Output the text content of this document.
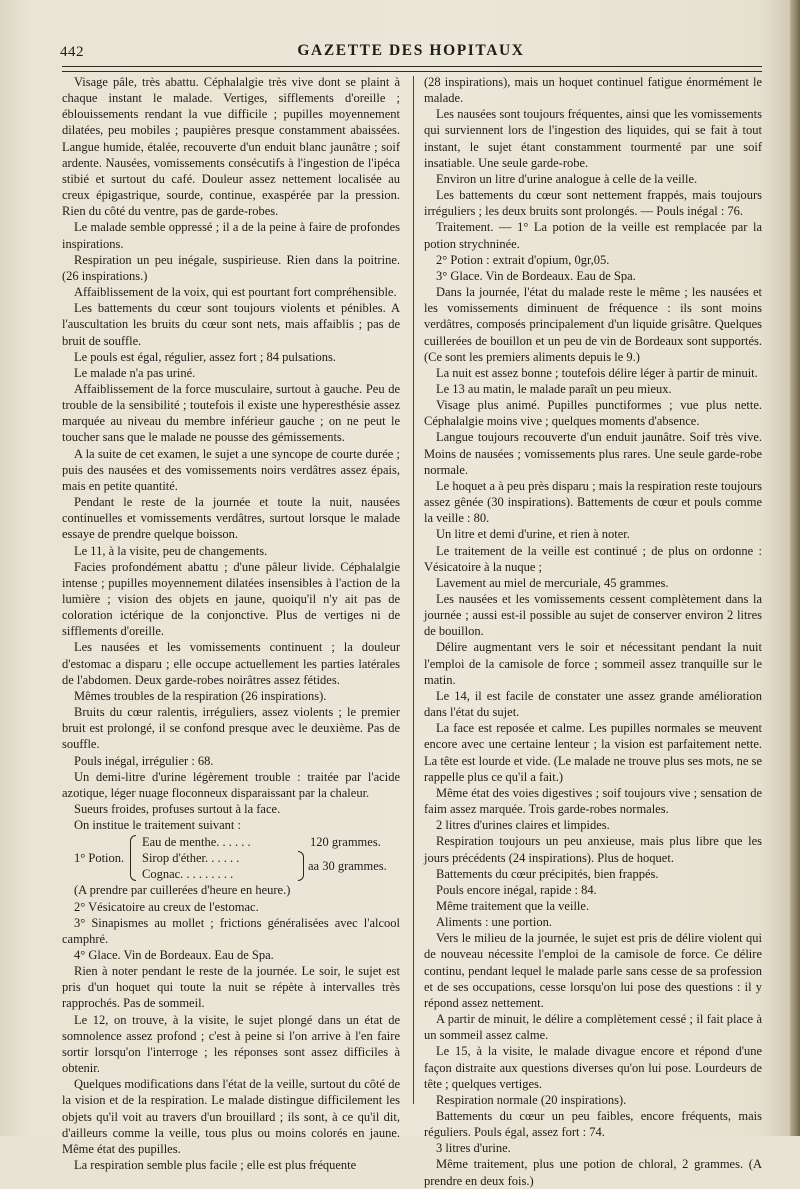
442	GAZETTE DES HOPITAUX

Visage pâle, très abattu. Céphalalgie très vive dont se plaint à chaque instant le malade. Vertiges, sifflements d'oreille ; éblouissements rendant la vue difficile ; pupilles moyennement dilatées, peu mobiles ; paupières presque constamment abaissées. Langue humide, étalée, recouverte d'un enduit blanc jaunâtre ; soif ardente. Nausées, vomissements consécutifs à l'ingestion de l'ipéca stibié et surtout du café. Douleur assez nettement localisée au creux épigastrique, sourde, continue, exaspérée par la pression. Rien du côté du ventre, pas de garde-robes.

Le malade semble oppressé ; il a de la peine à faire de profondes inspirations.

Respiration un peu inégale, suspirieuse. Rien dans la poitrine. (26 inspirations.)

Affaiblissement de la voix, qui est pourtant fort compréhensible.

Les battements du cœur sont toujours violents et pénibles. A l'auscultation les bruits du cœur sont nets, mais affaiblis ; pas de bruit de souffle.

Le pouls est égal, régulier, assez fort ; 84 pulsations.

Le malade n'a pas uriné.

Affaiblissement de la force musculaire, surtout à gauche. Peu de trouble de la sensibilité ; toutefois il existe une hyperesthésie assez marquée au niveau du membre inférieur gauche ; on ne peut le toucher sans que le malade ne pousse des gémissements.

A la suite de cet examen, le sujet a une syncope de courte durée ; puis des nausées et des vomissements noirs verdâtres assez épais, mais en petite quantité.

Pendant le reste de la journée et toute la nuit, nausées continuelles et vomissements verdâtres, surtout lorsque le malade essaye de prendre quelque boisson.

Le 11, à la visite, peu de changements.

Facies profondément abattu ; d'une pâleur livide. Céphalalgie intense ; pupilles moyennement dilatées insensibles à l'action de la lumière ; vision des objets en jaune, quoiqu'il n'y ait pas de coloration ictérique de la conjonctive. Plus de vertiges ni de sifflements d'oreille.

Les nausées et les vomissements continuent ; la douleur d'estomac a disparu ; elle occupe actuellement les parties latérales de l'abdomen. Deux garde-robes noirâtres assez fétides.

Mêmes troubles de la respiration (26 inspirations).

Bruits du cœur ralentis, irréguliers, assez violents ; le premier bruit est prolongé, il se confond presque avec le deuxième. Pas de souffle.

Pouls inégal, irrégulier : 68.

Un demi-litre d'urine légèrement trouble : traitée par l'acide azotique, léger nuage floconneux disparaissant par la chaleur.

Sueurs froides, profuses surtout à la face.

On institue le traitement suivant :

1° Potion.
Eau de menthe. . . . . .
Sirop d'éther. . . . . .
Cognac. . . . . . . . .
120 grammes.
aa 30 grammes.

(A prendre par cuillerées d'heure en heure.)

2° Vésicatoire au creux de l'estomac.

3° Sinapismes au mollet ; frictions généralisées avec l'alcool camphré.

4° Glace. Vin de Bordeaux. Eau de Spa.

Rien à noter pendant le reste de la journée. Le soir, le sujet est pris d'un hoquet qui toute la nuit se répète à intervalles très rapprochés. Pas de sommeil.

Le 12, on trouve, à la visite, le sujet plongé dans un état de somnolence assez profond ; c'est à peine si l'on arrive à l'en faire sortir lorsqu'on l'interroge ; les réponses sont assez difficiles à obtenir.

Quelques modifications dans l'état de la veille, surtout du côté de la vision et de la respiration. Le malade distingue difficilement les objets qu'il voit au travers d'un brouillard ; ils sont, à ce qu'il dit, d'ailleurs comme la veille, tous plus ou moins colorés en jaune. Même état des pupilles.

La respiration semble plus facile ; elle est plus fréquente

(28 inspirations), mais un hoquet continuel fatigue énormément le malade.

Les nausées sont toujours fréquentes, ainsi que les vomissements qui surviennent lors de l'ingestion des liquides, qui se fait à tout instant, le sujet étant constamment tourmenté par une soif insatiable. Une seule garde-robe.

Environ un litre d'urine analogue à celle de la veille.

Les battements du cœur sont nettement frappés, mais toujours irréguliers ; les deux bruits sont prolongés. — Pouls inégal : 76.

Traitement. — 1° La potion de la veille est remplacée par la potion strychninée.

2° Potion : extrait d'opium, 0gr,05.

3° Glace. Vin de Bordeaux. Eau de Spa.

Dans la journée, l'état du malade reste le même ; les nausées et les vomissements diminuent de fréquence : ils sont moins verdâtres, composés principalement d'un liquide grisâtre. Quelques cuillerées de bouillon et un peu de vin de Bordeaux sont supportés. (Ce sont les premiers aliments depuis le 9.)

La nuit est assez bonne ; toutefois délire léger à partir de minuit.

Le 13 au matin, le malade paraît un peu mieux.

Visage plus animé. Pupilles punctiformes ; vue plus nette. Céphalalgie moins vive ; quelques moments d'absence.

Langue toujours recouverte d'un enduit jaunâtre. Soif très vive. Moins de nausées ; vomissements plus rares. Une seule garde-robe normale.

Le hoquet a à peu près disparu ; mais la respiration reste toujours assez gênée (30 inspirations). Battements de cœur et pouls comme la veille : 80.

Un litre et demi d'urine, et rien à noter.

Le traitement de la veille est continué ; de plus on ordonne : Vésicatoire à la nuque ;

Lavement au miel de mercuriale, 45 grammes.

Les nausées et les vomissements cessent complètement dans la journée ; aussi est-il possible au sujet de conserver environ 2 litres de bouillon.

Délire augmentant vers le soir et nécessitant pendant la nuit l'emploi de la camisole de force ; sommeil assez tranquille sur le matin.

Le 14, il est facile de constater une assez grande amélioration dans l'état du sujet.

La face est reposée et calme. Les pupilles normales se meuvent encore avec une certaine lenteur ; la vision est parfaitement nette. La tête est lourde et vide. (Le malade ne trouve plus ses mots, ne se rappelle plus ce qu'il a fait.)

Même état des voies digestives ; soif toujours vive ; sensation de faim assez marquée. Trois garde-robes normales.

2 litres d'urines claires et limpides.

Respiration toujours un peu anxieuse, mais plus libre que les jours précédents (24 inspirations). Plus de hoquet.

Battements du cœur précipités, bien frappés.

Pouls encore inégal, rapide : 84.

Même traitement que la veille.

Aliments : une portion.

Vers le milieu de la journée, le sujet est pris de délire violent qui de nouveau nécessite l'emploi de la camisole de force. Ce délire continu, pendant lequel le malade parle sans cesse de sa profession et de ses occupations, cesse lorsqu'on lui pose des questions : il y répond assez nettement.

A partir de minuit, le délire a complètement cessé ; il fait place à un sommeil assez calme.

Le 15, à la visite, le malade divague encore et répond d'une façon distraite aux questions diverses qu'on lui pose. Lourdeurs de tête ; quelques vertiges.

Respiration normale (20 inspirations).

Battements du cœur un peu faibles, encore fréquents, mais réguliers. Pouls égal, assez fort : 74.

3 litres d'urine.

Même traitement, plus une potion de chloral, 2 grammes. (A prendre en deux fois.)
